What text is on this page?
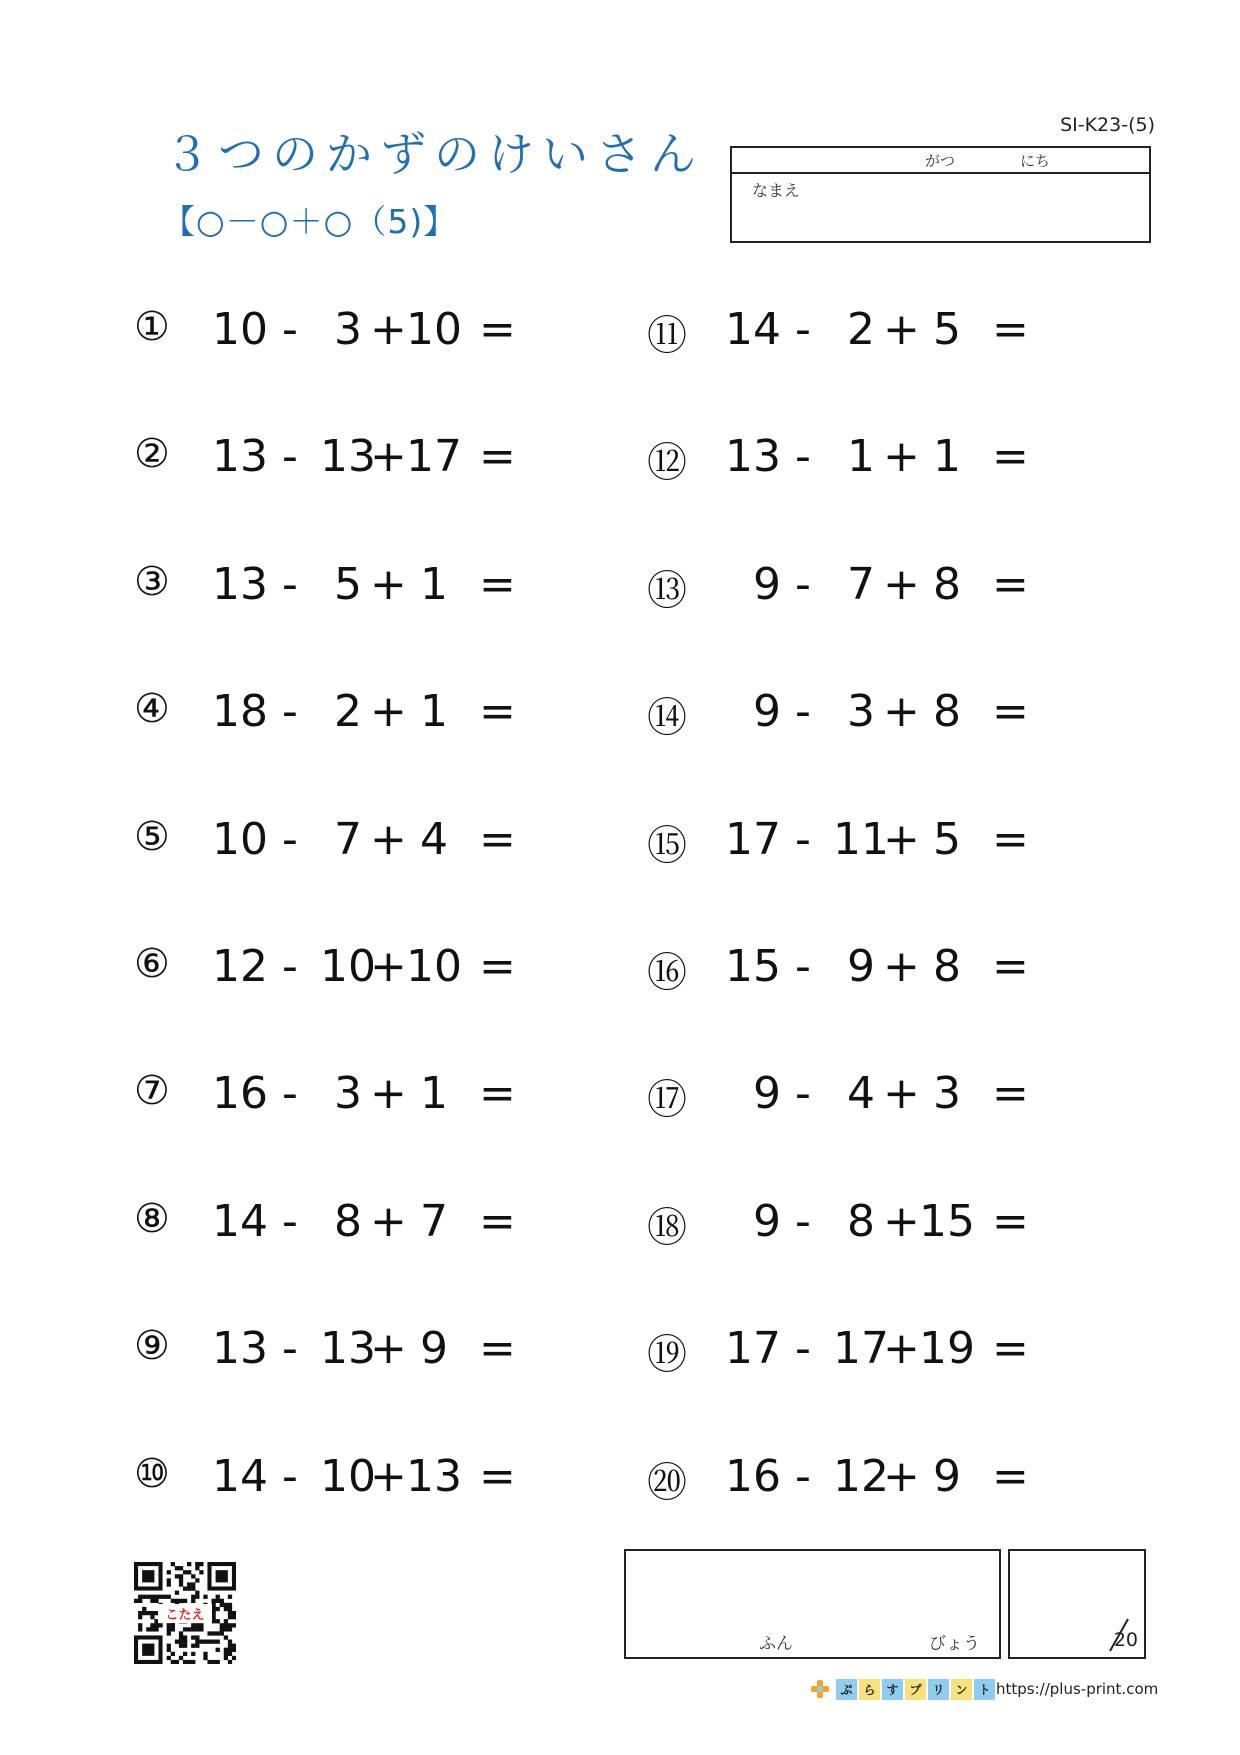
SI-K23-(5)
３つのかずのけいさん
【○－○＋○（5)】
がつ	にち
なまえ
① 10 - 3 + 10 =
② 13 - 13
+ 17 =
③ 13 - 5 + 1 =
④ 18 - 2 + 1 =
⑤ 10 - 7 + 4 =
⑥ 12 - 10
+ 10 =
⑦ 16 - 3 + 1 =
⑧ 14 - 8 + 7 =
⑨ 13 - 13
+ 9 =
⑩ 14 - 10
+ 13 =
⑪ 14 - 2 + 5 =
⑫ 13 - 1 + 1 =
⑬	9 - 7 + 8 =
⑭	9 - 3 + 8 =
⑮ 17 - 11
+ 5 =
⑯ 15 - 9 + 8 =
⑰	9 - 4 + 3 =
⑱	9 - 8 + 15 =
⑲ 17 - 17
+ 19 =
⑳ 16 - 12
+ 9 =
こたえ
ふん	びょう	20
ぷ ら す プ リ ン ト https://plus-print.com
